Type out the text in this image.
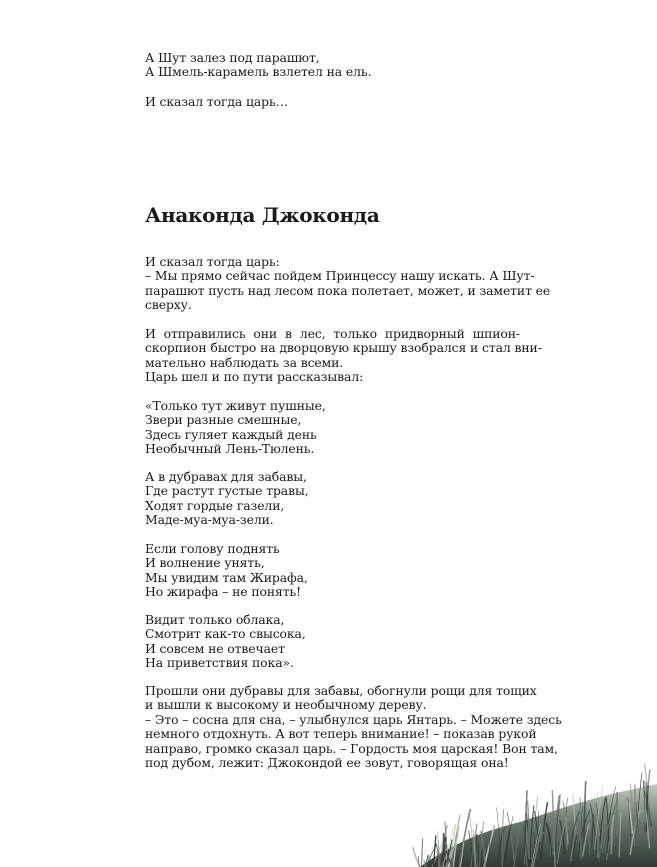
А Шут залез под парашют,
А Шмель-карамель взлетел на ель.
И сказал тогда царь…
Анаконда Джоконда
И сказал тогда царь:
– Мы прямо сейчас пойдем Принцессу нашу искать. А Шут-
парашют пусть над лесом пока полетает, может, и заметит ее
сверху.
И отправились они в лес, только придворный шпион-
скорпион быстро на дворцовую крышу взобрался и стал вни-
мательно наблюдать за всеми.
Царь шел и по пути рассказывал:
«Только тут живут пушные,
Звери разные смешные,
Здесь гуляет каждый день
Необычный Лень-Тюлень.
А в дубравах для забавы,
Где растут густые травы,
Ходят гордые газели,
Маде-муа-муа-зели.
Если голову поднять
И волнение унять,
Мы увидим там Жирафа,
Но жирафа – не понять!
Видит только облака,
Смотрит как-то свысока,
И совсем не отвечает
На приветствия пока».
Прошли они дубравы для забавы, обогнули рощи для тощих
и вышли к высокому и необычному дереву.
– Это – сосна для сна, – улыбнулся царь Янтарь. – Можете здесь
немного отдохнуть. А вот теперь внимание! – показав рукой
направо, громко сказал царь. – Гордость моя царская! Вон там,
под дубом, лежит: Джокондой ее зовут, говорящая она!
